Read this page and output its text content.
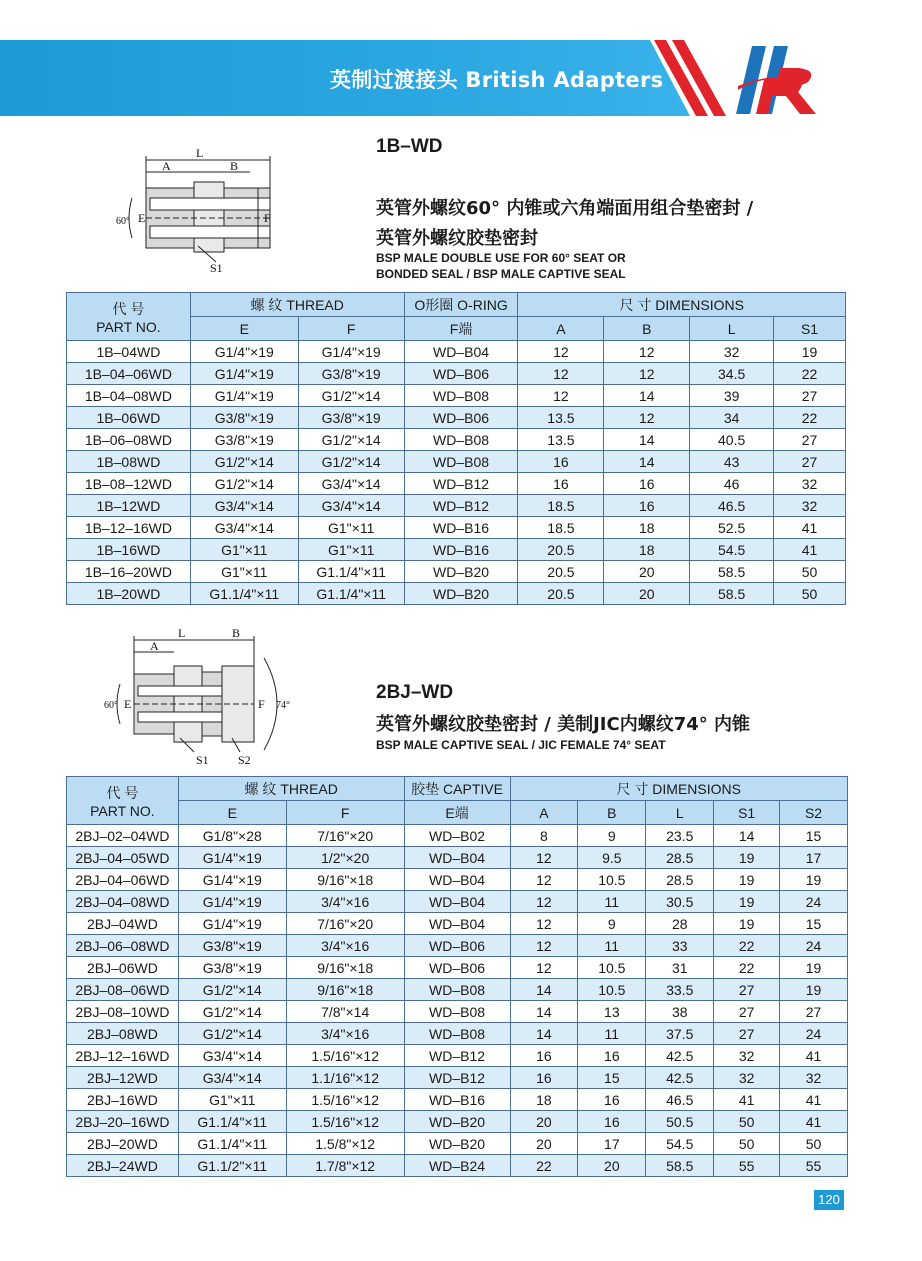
英制过渡接头 British Adapters
L
A	B
E	F
60°
S1
1B–WD
英管外螺纹60° 内锥或六角端面用组合垫密封 /
英管外螺纹胶垫密封
BSP MALE DOUBLE USE FOR 60° SEAT OR
BONDED SEAL / BSP MALE CAPTIVE SEAL
代 号
PART NO.	螺 纹 THREAD		O形圈 O-RING	尺 寸 DIMENSIONS			
	E	F	F端	A	B	L	S1
1B–04WD	G1/4"×19	G1/4"×19	WD–B04	12	12	32	19
1B–04–06WD	G1/4"×19	G3/8"×19	WD–B06	12	12	34.5	22
1B–04–08WD	G1/4"×19	G1/2"×14	WD–B08	12	14	39	27
1B–06WD	G3/8"×19	G3/8"×19	WD–B06	13.5	12	34	22
1B–06–08WD	G3/8"×19	G1/2"×14	WD–B08	13.5	14	40.5	27
1B–08WD	G1/2"×14	G1/2"×14	WD–B08	16	14	43	27
1B–08–12WD	G1/2"×14	G3/4"×14	WD–B12	16	16	46	32
1B–12WD	G3/4"×14	G3/4"×14	WD–B12	18.5	16	46.5	32
1B–12–16WD	G3/4"×14	G1"×11	WD–B16	18.5	18	52.5	41
1B–16WD	G1"×11	G1"×11	WD–B16	20.5	18	54.5	41
1B–16–20WD	G1"×11	G1.1/4"×11	WD–B20	20.5	20	58.5	50
1B–20WD	G1.1/4"×11	G1.1/4"×11	WD–B20	20.5	20	58.5	50
L
A
B
E	F
60°	74°
S1 S2
2BJ–WD
英管外螺纹胶垫密封 / 美制JIC内螺纹74° 内锥
BSP MALE CAPTIVE SEAL / JIC FEMALE 74° SEAT
代 号
PART NO.	螺 纹 THREAD		胶垫 CAPTIVE	尺 寸 DIMENSIONS				
	E	F	E端	A	B	L	S1	S2
2BJ–02–04WD	G1/8"×28	7/16"×20	WD–B02	8	9	23.5	14	15
2BJ–04–05WD	G1/4"×19	1/2"×20	WD–B04	12	9.5	28.5	19	17
2BJ–04–06WD	G1/4"×19	9/16"×18	WD–B04	12	10.5	28.5	19	19
2BJ–04–08WD	G1/4"×19	3/4"×16	WD–B04	12	11	30.5	19	24
2BJ–04WD	G1/4"×19	7/16"×20	WD–B04	12	9	28	19	15
2BJ–06–08WD	G3/8"×19	3/4"×16	WD–B06	12	11	33	22	24
2BJ–06WD	G3/8"×19	9/16"×18	WD–B06	12	10.5	31	22	19
2BJ–08–06WD	G1/2"×14	9/16"×18	WD–B08	14	10.5	33.5	27	19
2BJ–08–10WD	G1/2"×14	7/8"×14	WD–B08	14	13	38	27	27
2BJ–08WD	G1/2"×14	3/4"×16	WD–B08	14	11	37.5	27	24
2BJ–12–16WD	G3/4"×14	1.5/16"×12	WD–B12	16	16	42.5	32	41
2BJ–12WD	G3/4"×14	1.1/16"×12	WD–B12	16	15	42.5	32	32
2BJ–16WD	G1"×11	1.5/16"×12	WD–B16	18	16	46.5	41	41
2BJ–20–16WD	G1.1/4"×11	1.5/16"×12	WD–B20	20	16	50.5	50	41
2BJ–20WD	G1.1/4"×11	1.5/8"×12	WD–B20	20	17	54.5	50	50
2BJ–24WD	G1.1/2"×11	1.7/8"×12	WD–B24	22	20	58.5	55	55
120
